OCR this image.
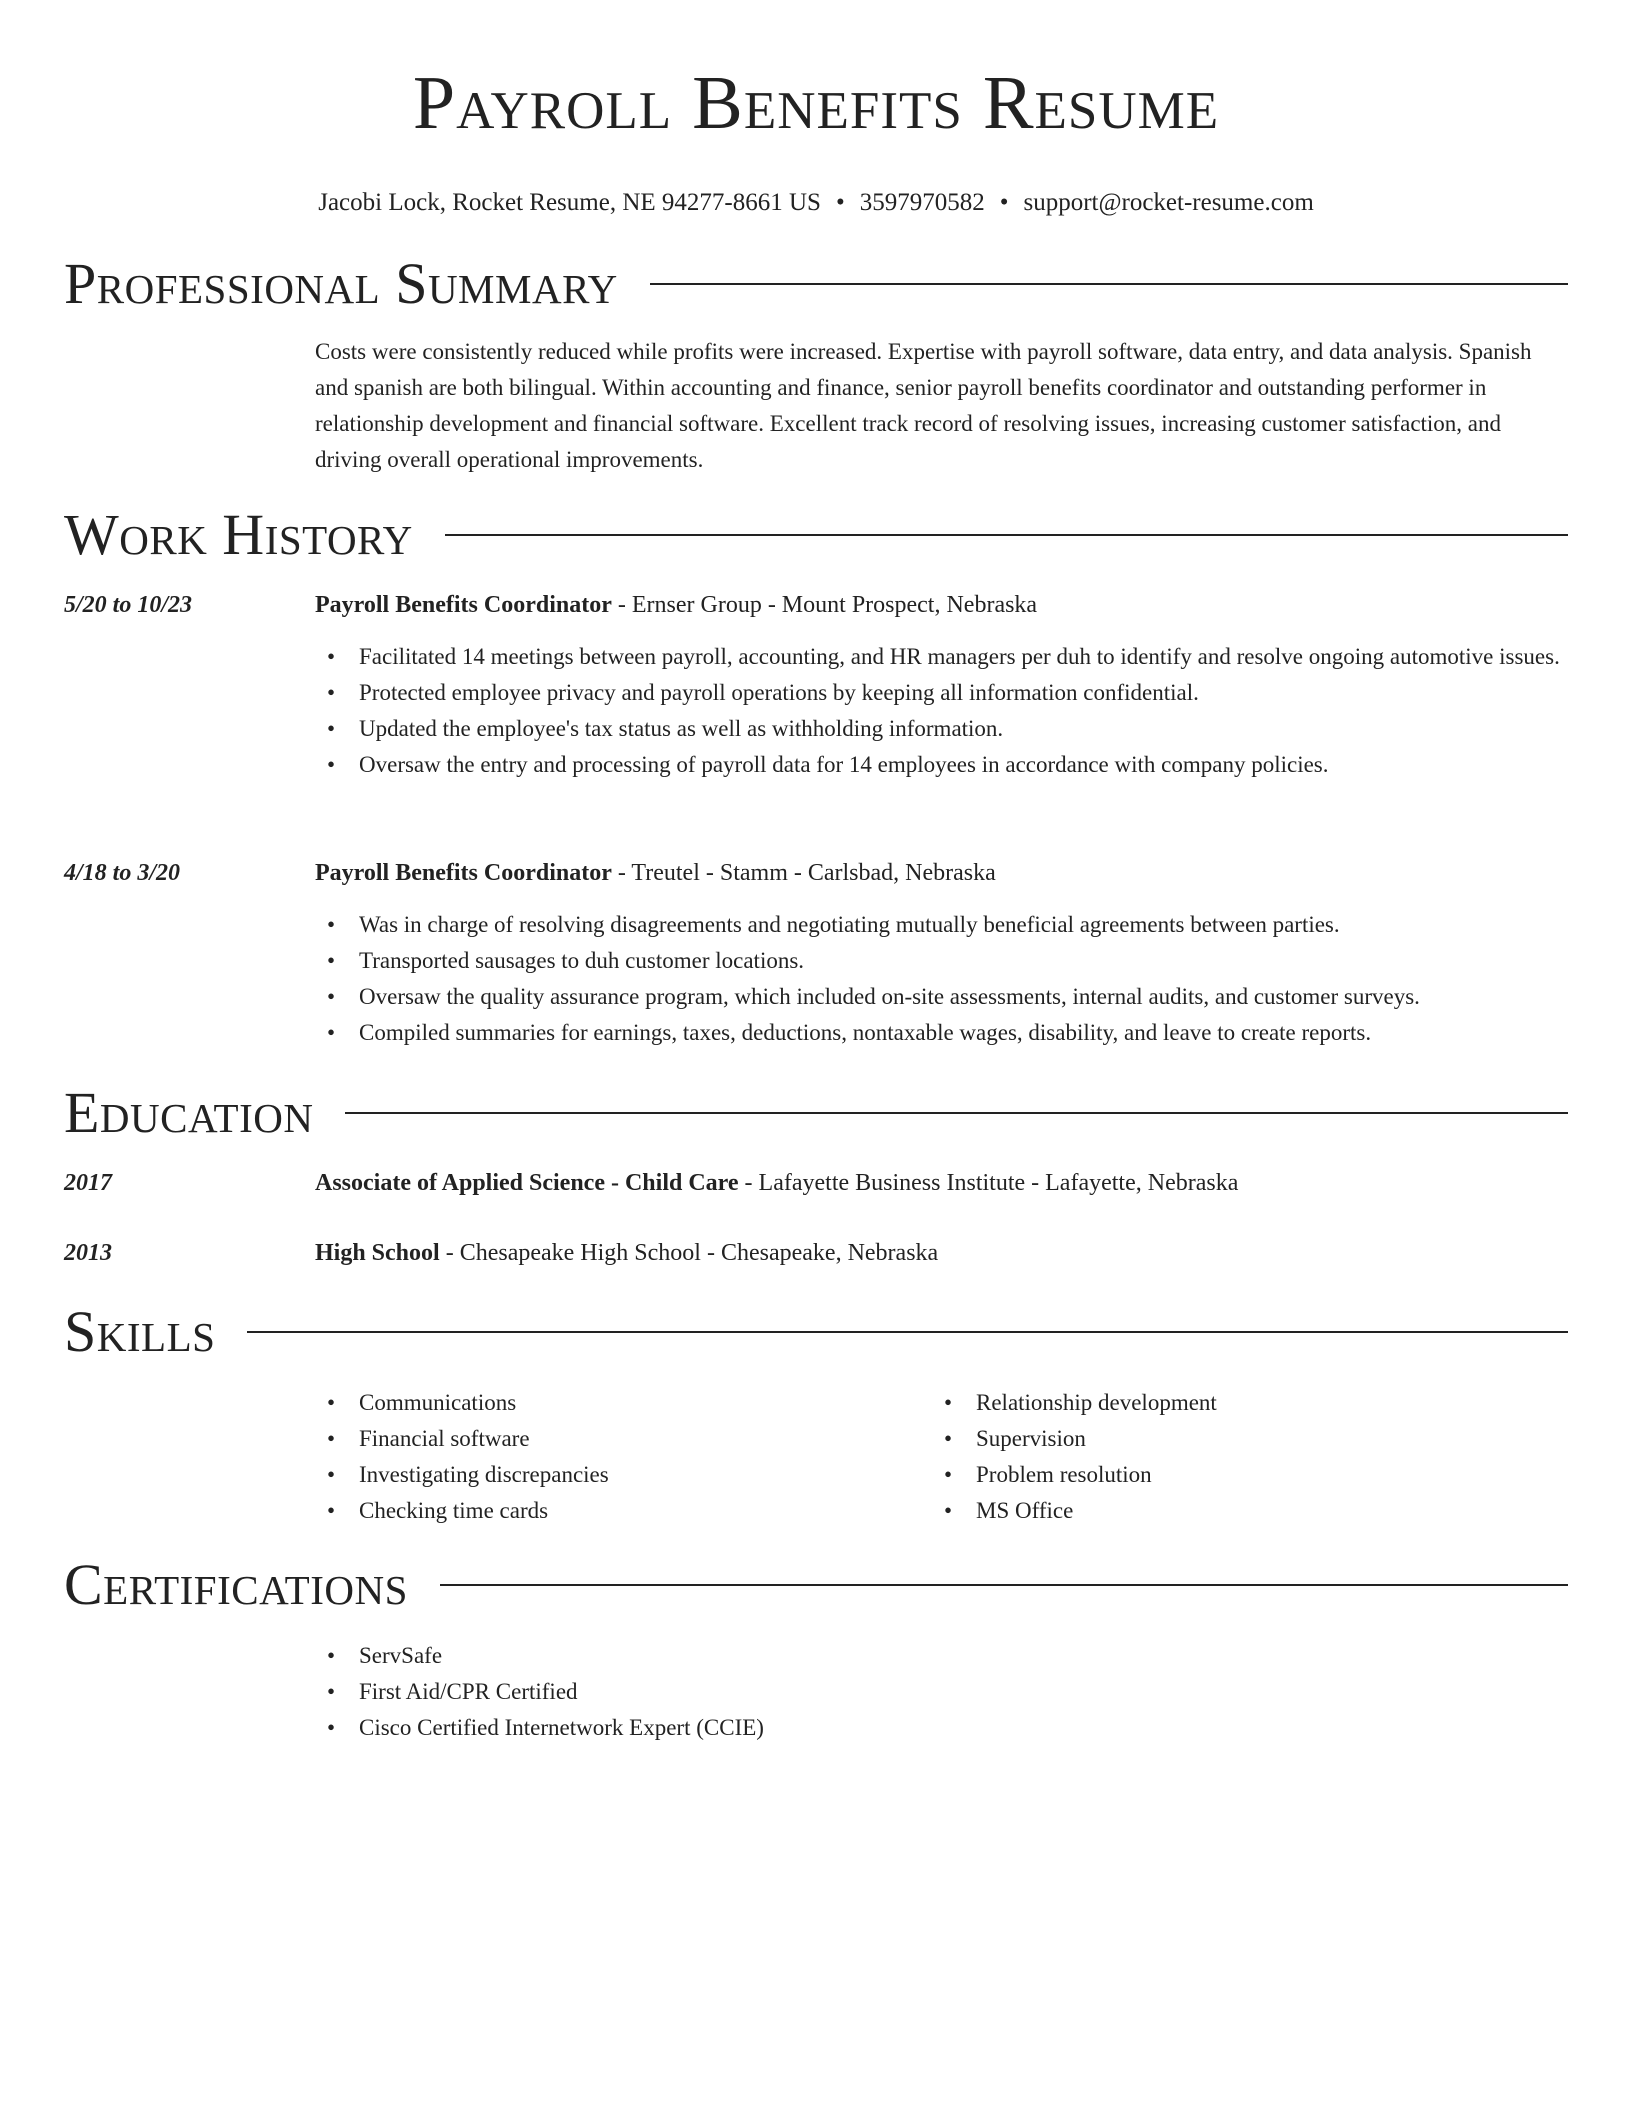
Payroll Benefits Resume
Jacobi Lock, Rocket Resume, NE 94277-8661 US • 3597970582 • support@rocket-resume.com
Professional Summary
Costs were consistently reduced while profits were increased. Expertise with payroll software, data entry, and data analysis. Spanish and spanish are both bilingual. Within accounting and finance, senior payroll benefits coordinator and outstanding performer in relationship development and financial software. Excellent track record of resolving issues, increasing customer satisfaction, and driving overall operational improvements.
Work History
5/20 to 10/23	Payroll Benefits Coordinator - Ernser Group - Mount Prospect, Nebraska
• Facilitated 14 meetings between payroll, accounting, and HR managers per duh to identify and resolve ongoing automotive issues.
• Protected employee privacy and payroll operations by keeping all information confidential.
• Updated the employee's tax status as well as withholding information.
• Oversaw the entry and processing of payroll data for 14 employees in accordance with company policies.
4/18 to 3/20	Payroll Benefits Coordinator - Treutel - Stamm - Carlsbad, Nebraska
• Was in charge of resolving disagreements and negotiating mutually beneficial agreements between parties.
• Transported sausages to duh customer locations.
• Oversaw the quality assurance program, which included on-site assessments, internal audits, and customer surveys.
• Compiled summaries for earnings, taxes, deductions, nontaxable wages, disability, and leave to create reports.
Education
2017	Associate of Applied Science - Child Care - Lafayette Business Institute - Lafayette, Nebraska
2013	High School - Chesapeake High School - Chesapeake, Nebraska
Skills
• Communications
• Financial software
• Investigating discrepancies
• Checking time cards
• Relationship development
• Supervision
• Problem resolution
• MS Office
Certifications
• ServSafe
• First Aid/CPR Certified
• Cisco Certified Internetwork Expert (CCIE)
